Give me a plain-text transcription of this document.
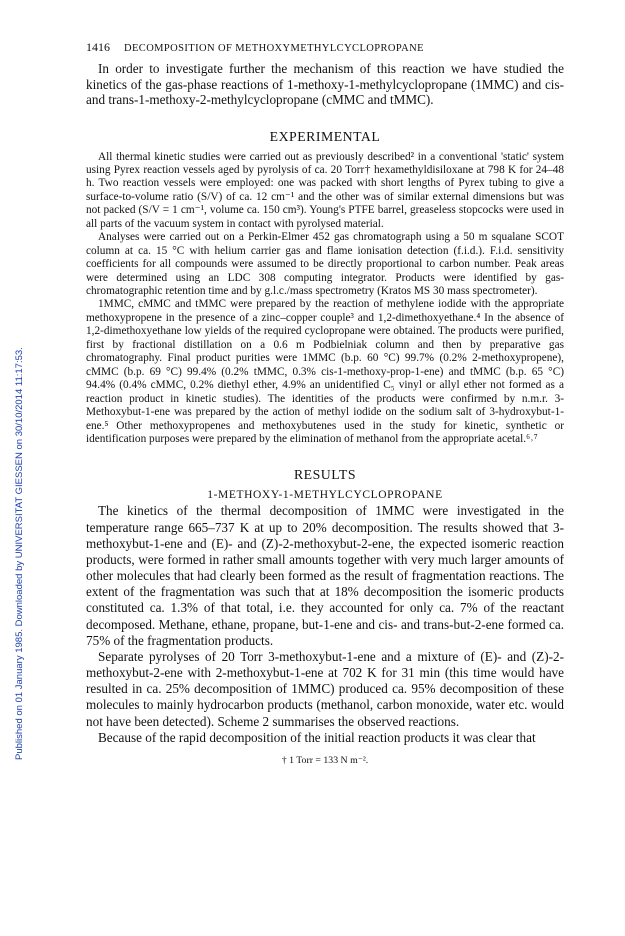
Published on 01 January 1985. Downloaded by UNIVERSITAT GIESSEN on 30/10/2014 11:17:53.
1416	DECOMPOSITION OF METHOXYMETHYLCYCLOPROPANE

In order to investigate further the mechanism of this reaction we have studied the kinetics of the gas-phase reactions of 1-methoxy-1-methylcyclopropane (1MMC) and cis- and trans-1-methoxy-2-methylcyclopropane (cMMC and tMMC).

EXPERIMENTAL

All thermal kinetic studies were carried out as previously described² in a conventional 'static' system using Pyrex reaction vessels aged by pyrolysis of ca. 20 Torr† hexamethyldisiloxane at 798 K for 24–48 h. Two reaction vessels were employed: one was packed with short lengths of Pyrex tubing to give a surface-to-volume ratio (S/V) of ca. 12 cm⁻¹ and the other was of similar external dimensions but was not packed (S/V = 1 cm⁻¹, volume ca. 150 cm³). Young's PTFE barrel, greaseless stopcocks were used in all parts of the vacuum system in contact with pyrolysed material.

Analyses were carried out on a Perkin-Elmer 452 gas chromatograph using a 50 m squalane SCOT column at ca. 15 °C with helium carrier gas and flame ionisation detection (f.i.d.). F.i.d. sensitivity coefficients for all compounds were assumed to be directly proportional to carbon number. Peak areas were determined using an LDC 308 computing integrator. Products were identified by gas-chromatographic retention time and by g.l.c./mass spectrometry (Kratos MS 30 mass spectrometer).

1MMC, cMMC and tMMC were prepared by the reaction of methylene iodide with the appropriate methoxypropene in the presence of a zinc–copper couple³ and 1,2-dimethoxyethane.⁴ In the absence of 1,2-dimethoxyethane low yields of the required cyclopropane were obtained. The products were purified, first by fractional distillation on a 0.6 m Podbielniak column and then by preparative gas chromatography. Final product purities were 1MMC (b.p. 60 °C) 99.7% (0.2% 2-methoxypropene), cMMC (b.p. 69 °C) 99.4% (0.2% tMMC, 0.3% cis-1-methoxy-prop-1-ene) and tMMC (b.p. 65 °C) 94.4% (0.4% cMMC, 0.2% diethyl ether, 4.9% an unidentified C₅ vinyl or allyl ether not formed as a reaction product in kinetic studies). The identities of the products were confirmed by n.m.r. 3-Methoxybut-1-ene was prepared by the action of methyl iodide on the sodium salt of 3-hydroxybut-1-ene.⁵ Other methoxypropenes and methoxybutenes used in the study for kinetic, synthetic or identification purposes were prepared by the elimination of methanol from the appropriate acetal.⁶˒⁷

RESULTS
1-METHOXY-1-METHYLCYCLOPROPANE

The kinetics of the thermal decomposition of 1MMC were investigated in the temperature range 665–737 K at up to 20% decomposition. The results showed that 3-methoxybut-1-ene and (E)- and (Z)-2-methoxybut-2-ene, the expected isomeric reaction products, were formed in rather small amounts together with very much larger amounts of other molecules that had clearly been formed as the result of fragmentation reactions. The extent of the fragmentation was such that at 18% decomposition the isomeric products constituted ca. 1.3% of that total, i.e. they accounted for only ca. 7% of the reactant decomposed. Methane, ethane, propane, but-1-ene and cis- and trans-but-2-ene formed ca. 75% of the fragmentation products.

Separate pyrolyses of 20 Torr 3-methoxybut-1-ene and a mixture of (E)- and (Z)-2-methoxybut-2-ene with 2-methoxybut-1-ene at 702 K for 31 min (this time would have resulted in ca. 25% decomposition of 1MMC) produced ca. 95% decomposition of these molecules to mainly hydrocarbon products (methanol, carbon monoxide, water etc. would not have been detected). Scheme 2 summarises the observed reactions.

Because of the rapid decomposition of the initial reaction products it was clear that

† 1 Torr = 133 N m⁻².
